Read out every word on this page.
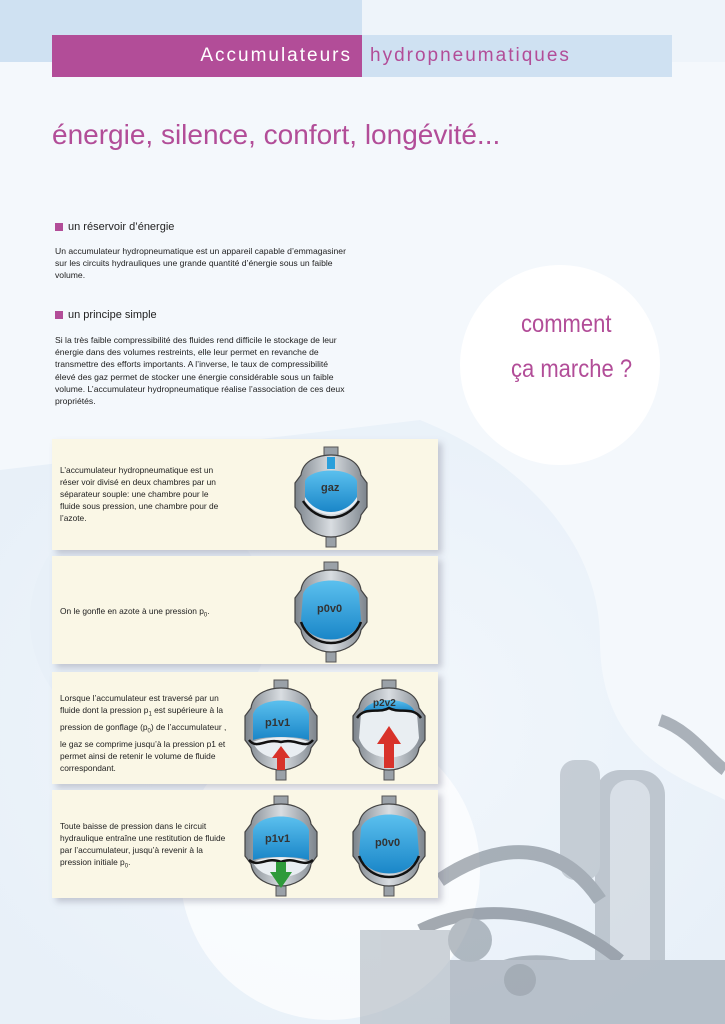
Accumulateurs hydropneumatiques
énergie, silence, confort, longévité...
un réservoir d’énergie

Un accumulateur hydropneumatique est un appareil capable d’emmagasiner sur les circuits hydrauliques une grande quantité d’énergie sous un faible volume.

un principe simple

Si la très faible compressibilité des fluides rend difficile le stockage de leur énergie dans des volumes restreints, elle leur permet en revanche de transmettre des efforts importants. A l’inverse, le taux de compressibilité élevé des gaz permet de stocker une énergie considérable sous un faible volume. L’accumulateur hydropneumatique réalise l’association de ces deux propriétés.

comment
ça marche ?

L’accumulateur hydropneumatique est un réser voir divisé en deux chambres par un séparateur souple: une chambre pour le fluide sous pression, une chambre pour de l’azote.

gaz

On le gonfle en azote à une pression $p_0$.	p0v0

Lorsque l’accumulateur est traversé par un fluide dont la pression $p_1$ est supérieure à la pression de gonflage $(p_0)$ de l’accumulateur , le gaz se comprime jusqu’à la pression p1 et permet ainsi de retenir le volume de fluide correspondant.

p1v1
p2v2

Toute baisse de pression dans le circuit hydraulique entraîne une restitution de fluide par l’accumulateur, jusqu’à revenir à la pression initiale $p_0$.

p1v1	p0v0
